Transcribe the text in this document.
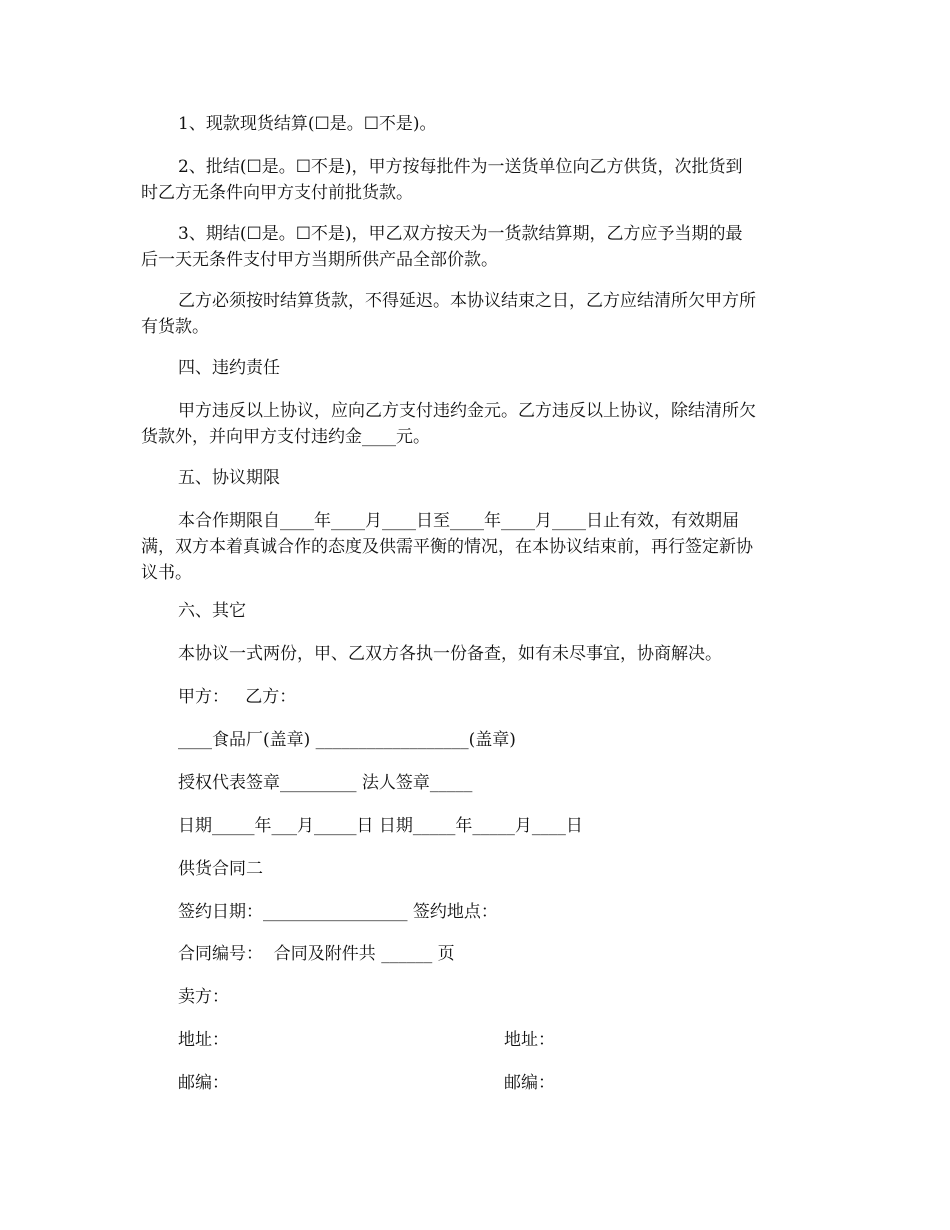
1、现款现货结算(☐是。☐不是)。
2、批结(☐是。☐不是)，甲方按每批件为一送货单位向乙方供货，次批货到
时乙方无条件向甲方支付前批货款。
3、期结(☐是。☐不是)，甲乙双方按天为一货款结算期，乙方应予当期的最
后一天无条件支付甲方当期所供产品全部价款。
乙方必须按时结算货款，不得延迟。本协议结束之日，乙方应结清所欠甲方所
有货款。

四、违约责任

甲方违反以上协议，应向乙方支付违约金元。乙方违反以上协议，除结清所欠
货款外，并向甲方支付违约金____元。

五、协议期限

本合作期限自____年____月____日至____年____月____日止有效，有效期届
满，双方本着真诚合作的态度及供需平衡的情况，在本协议结束前，再行签定新协
议书。

六、其它

本协议一式两份，甲、乙双方各执一份备查，如有未尽事宜，协商解决。

甲方：   乙方：

____食品厂(盖章) __________________(盖章)

授权代表签章_________ 法人签章_____

日期_____年___月_____日 日期_____年_____月____日

供货合同二

签约日期：_________________ 签约地点：

合同编号：  合同及附件共 ______ 页

卖方：

地址：	地址：

邮编：	邮编：
